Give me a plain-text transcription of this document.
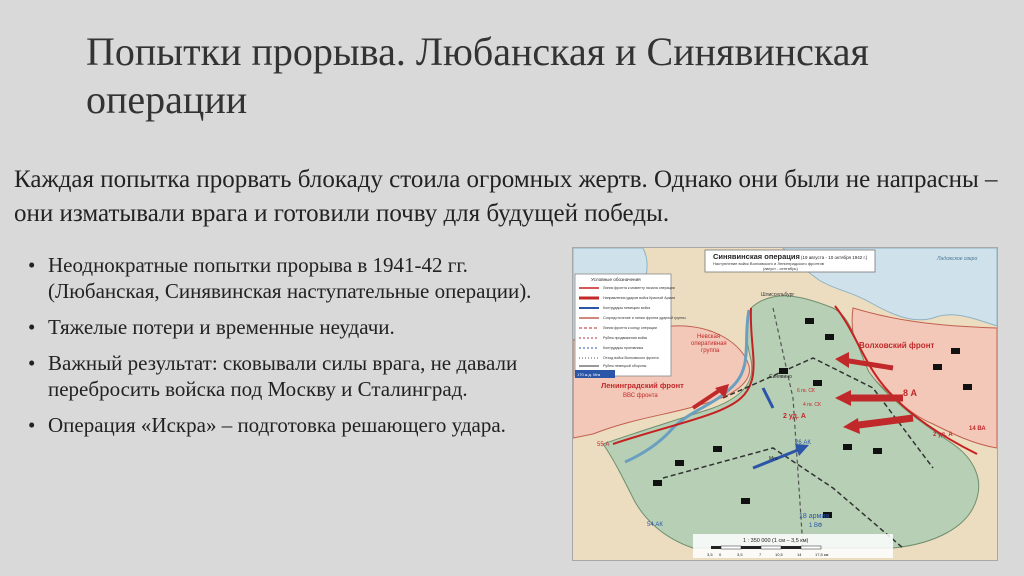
Попытки прорыва. Любанская и Синявинская операции
Каждая попытка прорвать блокаду стоила огромных жертв. Однако они были не напрасны – они изматывали врага и готовили почву для будущей победы.
• Неоднократные попытки прорыва в 1941-42 гг. (Любанская, Синявинская наступательные операции).
• Тяжелые потери и временные неудачи.
• Важный результат: сковывали силы врага, не давали перебросить войска под Москву и Сталинград.
• Операция «Искра» – подготовка решающего удара.
Синявинская операция (19 августа - 10 октября 1942 г.)
Наступление войск Волховского и Ленинградского фронтов
(август - сентябрь)
Условные обозначения
Линия фронта к моменту начала операции
Направления ударов войск Красной Армии
Контрудары немецких войск
Сосредоточение и линия фронта ударной группы
Линия фронта к концу операции
Рубеж продвижения войск
Контрудары противника
Отход войск Волховского фронта
Рубеж немецкой обороны
170 ж.д. Мга
Ладожское озеро
Волховский фронт
Ленинградский фронт
ВВС фронта
Невская
оперативная
группа
Шлиссельбург
55 А
8 А
2 уд. А
2 уд. А
14 ВА
26 АК
18 армия
1 ВФ
54 АК
4 гв. СК
6 гв. СК
Мга
Синявино
1 : 350 000 (1 см – 3,5 км)
3,5 0	3,5	7	10,5	14	17,5 км
